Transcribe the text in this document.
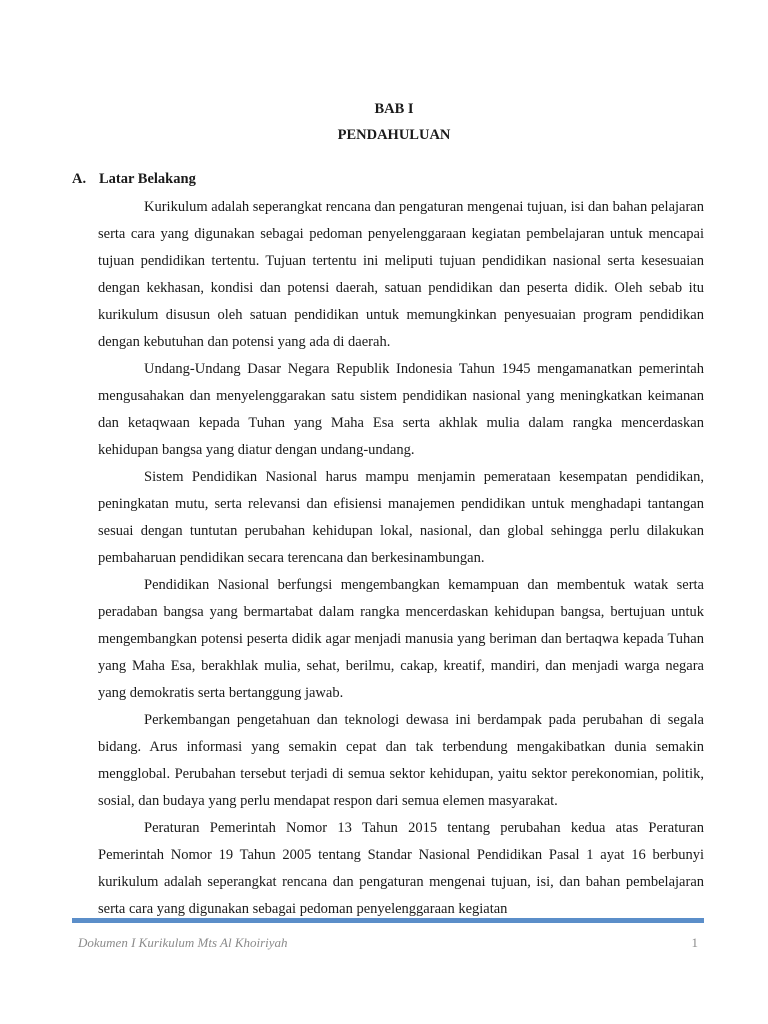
BAB I
PENDAHULUAN
A. Latar Belakang

Kurikulum adalah seperangkat rencana dan pengaturan mengenai tujuan, isi dan bahan pelajaran serta cara yang digunakan sebagai pedoman penyelenggaraan kegiatan pembelajaran untuk mencapai tujuan pendidikan tertentu. Tujuan tertentu ini meliputi tujuan pendidikan nasional serta kesesuaian dengan kekhasan, kondisi dan potensi daerah, satuan pendidikan dan peserta didik. Oleh sebab itu kurikulum disusun oleh satuan pendidikan untuk memungkinkan penyesuaian program pendidikan dengan kebutuhan dan potensi yang ada di daerah.

Undang-Undang Dasar Negara Republik Indonesia Tahun 1945 mengamanatkan pemerintah mengusahakan dan menyelenggarakan satu sistem pendidikan nasional yang meningkatkan keimanan dan ketaqwaan kepada Tuhan yang Maha Esa serta akhlak mulia dalam rangka mencerdaskan kehidupan bangsa yang diatur dengan undang-undang.

Sistem Pendidikan Nasional harus mampu menjamin pemerataan kesempatan pendidikan, peningkatan mutu, serta relevansi dan efisiensi manajemen pendidikan untuk menghadapi tantangan sesuai dengan tuntutan perubahan kehidupan lokal, nasional, dan global sehingga perlu dilakukan pembaharuan pendidikan secara terencana dan berkesinambungan.

Pendidikan Nasional berfungsi mengembangkan kemampuan dan membentuk watak serta peradaban bangsa yang bermartabat dalam rangka mencerdaskan kehidupan bangsa, bertujuan untuk mengembangkan potensi peserta didik agar menjadi manusia yang beriman dan bertaqwa kepada Tuhan yang Maha Esa, berakhlak mulia, sehat, berilmu, cakap, kreatif, mandiri, dan menjadi warga negara yang demokratis serta bertanggung jawab.

Perkembangan pengetahuan dan teknologi dewasa ini berdampak pada perubahan di segala bidang. Arus informasi yang semakin cepat dan tak terbendung mengakibatkan dunia semakin mengglobal. Perubahan tersebut terjadi di semua sektor kehidupan, yaitu sektor perekonomian, politik, sosial, dan budaya yang perlu mendapat respon dari semua elemen masyarakat.

Peraturan Pemerintah Nomor 13 Tahun 2015 tentang perubahan kedua atas Peraturan Pemerintah Nomor 19 Tahun 2005 tentang Standar Nasional Pendidikan Pasal 1 ayat 16 berbunyi kurikulum adalah seperangkat rencana dan pengaturan mengenai tujuan, isi, dan bahan pembelajaran serta cara yang digunakan sebagai pedoman penyelenggaraan kegiatan

Dokumen I Kurikulum Mts Al Khoiriyah	1
